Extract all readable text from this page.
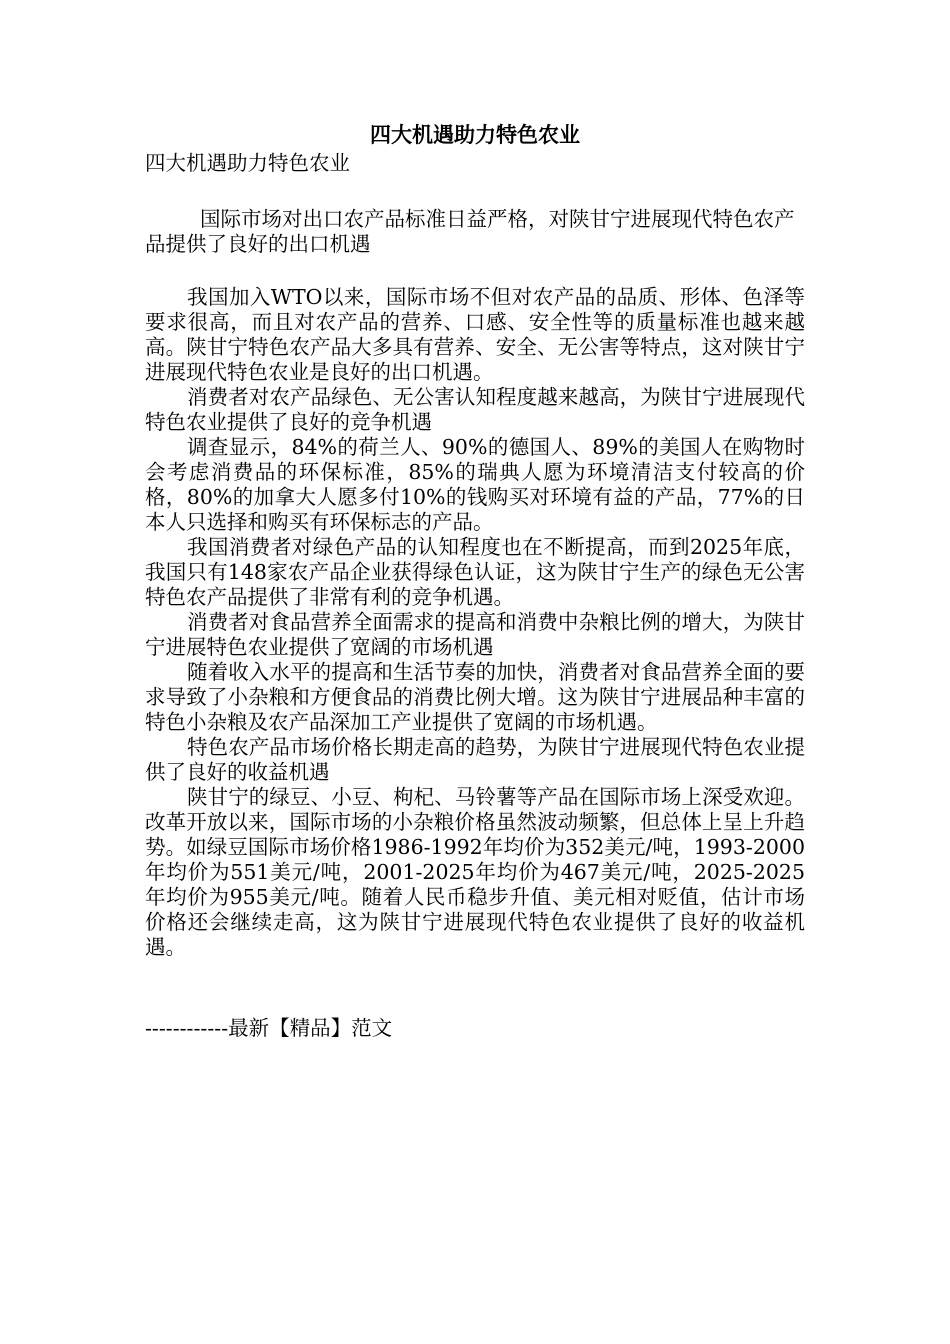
四大机遇助力特色农业

四大机遇助力特色农业

国际市场对出口农产品标准日益严格，对陕甘宁进展现代特色农产品提供了良好的出口机遇

我国加入WTO以来，国际市场不但对农产品的品质、形体、色泽等要求很高，而且对农产品的营养、口感、安全性等的质量标准也越来越高。陕甘宁特色农产品大多具有营养、安全、无公害等特点，这对陕甘宁进展现代特色农业是良好的出口机遇。

消费者对农产品绿色、无公害认知程度越来越高，为陕甘宁进展现代特色农业提供了良好的竞争机遇

调查显示，84%的荷兰人、90%的德国人、89%的美国人在购物时会考虑消费品的环保标准，85%的瑞典人愿为环境清洁支付较高的价格，80%的加拿大人愿多付10%的钱购买对环境有益的产品，77%的日本人只选择和购买有环保标志的产品。

我国消费者对绿色产品的认知程度也在不断提高，而到2025年底，我国只有148家农产品企业获得绿色认证，这为陕甘宁生产的绿色无公害特色农产品提供了非常有利的竞争机遇。

消费者对食品营养全面需求的提高和消费中杂粮比例的增大，为陕甘宁进展特色农业提供了宽阔的市场机遇

随着收入水平的提高和生活节奏的加快，消费者对食品营养全面的要求导致了小杂粮和方便食品的消费比例大增。这为陕甘宁进展品种丰富的特色小杂粮及农产品深加工产业提供了宽阔的市场机遇。

特色农产品市场价格长期走高的趋势，为陕甘宁进展现代特色农业提供了良好的收益机遇

陕甘宁的绿豆、小豆、枸杞、马铃薯等产品在国际市场上深受欢迎。改革开放以来，国际市场的小杂粮价格虽然波动频繁，但总体上呈上升趋势。如绿豆国际市场价格1986-1992年均价为352美元/吨，1993-2000年均价为551美元/吨，2001-2025年均价为467美元/吨，2025-2025年均价为955美元/吨。随着人民币稳步升值、美元相对贬值，估计市场价格还会继续走高，这为陕甘宁进展现代特色农业提供了良好的收益机遇。

------------最新【精品】范文
